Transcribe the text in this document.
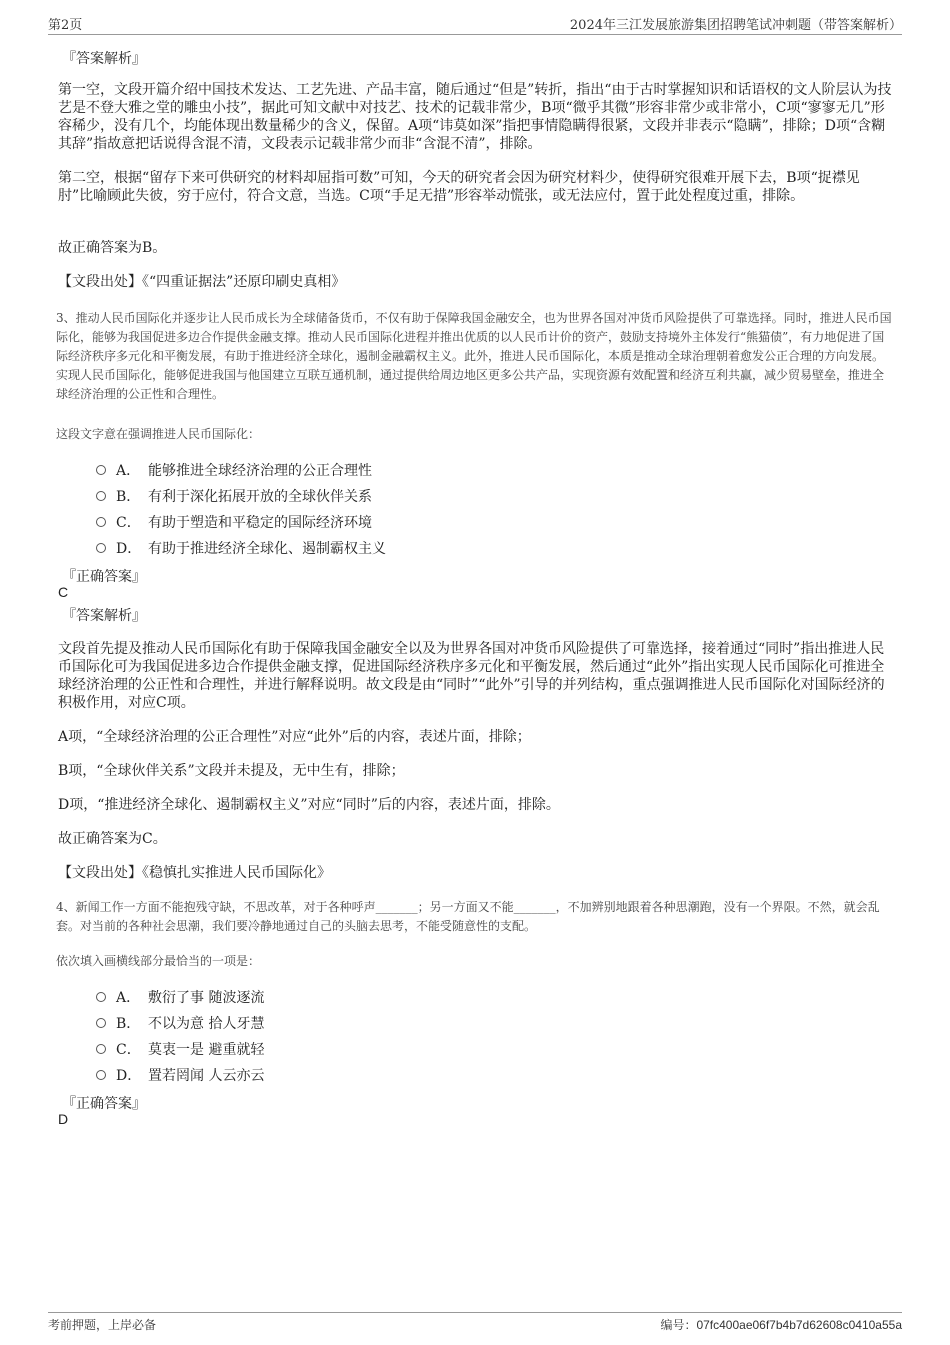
第2页	2024年三江发展旅游集团招聘笔试冲刺题（带答案解析）
『答案解析』
第一空，文段开篇介绍中国技术发达、工艺先进、产品丰富，随后通过“但是”转折，指出“由于古时掌握知识和话语权的文人阶层认为技艺是不登大雅之堂的雕虫小技”，据此可知文献中对技艺、技术的记载非常少，B项“微乎其微”形容非常少或非常小，C项“寥寥无几”形容稀少，没有几个，均能体现出数量稀少的含义，保留。A项“讳莫如深”指把事情隐瞒得很紧，文段并非表示“隐瞒”，排除；D项“含糊其辞”指故意把话说得含混不清，文段表示记载非常少而非“含混不清”，排除。
第二空，根据“留存下来可供研究的材料却屈指可数”可知，今天的研究者会因为研究材料少，使得研究很难开展下去，B项“捉襟见肘”比喻顾此失彼，穷于应付，符合文意，当选。C项“手足无措”形容举动慌张，或无法应付，置于此处程度过重，排除。
故正确答案为B。
【文段出处】《“四重证据法”还原印刷史真相》
3、推动人民币国际化并逐步让人民币成长为全球储备货币，不仅有助于保障我国金融安全，也为世界各国对冲货币风险提供了可靠选择。同时，推进人民币国际化，能够为我国促进多边合作提供金融支撑。推动人民币国际化进程并推出优质的以人民币计价的资产，鼓励支持境外主体发行“熊猫债”，有力地促进了国际经济秩序多元化和平衡发展，有助于推进经济全球化，遏制金融霸权主义。此外，推进人民币国际化，本质是推动全球治理朝着愈发公正合理的方向发展。实现人民币国际化，能够促进我国与他国建立互联互通机制，通过提供给周边地区更多公共产品，实现资源有效配置和经济互利共赢，减少贸易壁垒，推进全球经济治理的公正性和合理性。
这段文字意在强调推进人民币国际化：
A． 能够推进全球经济治理的公正合理性
B． 有利于深化拓展开放的全球伙伴关系
C． 有助于塑造和平稳定的国际经济环境
D． 有助于推进经济全球化、遏制霸权主义
『正确答案』
C
『答案解析』
文段首先提及推动人民币国际化有助于保障我国金融安全以及为世界各国对冲货币风险提供了可靠选择，接着通过“同时”指出推进人民币国际化可为我国促进多边合作提供金融支撑，促进国际经济秩序多元化和平衡发展，然后通过“此外”指出实现人民币国际化可推进全球经济治理的公正性和合理性，并进行解释说明。故文段是由“同时”“此外”引导的并列结构，重点强调推进人民币国际化对国际经济的积极作用，对应C项。
A项，“全球经济治理的公正合理性”对应“此外”后的内容，表述片面，排除；
B项，“全球伙伴关系”文段并未提及，无中生有，排除；
D项，“推进经济全球化、遏制霸权主义”对应“同时”后的内容，表述片面，排除。
故正确答案为C。
【文段出处】《稳慎扎实推进人民币国际化》
4、新闻工作一方面不能抱残守缺，不思改革，对于各种呼声_______；另一方面又不能_______，不加辨别地跟着各种思潮跑，没有一个界限。不然，就会乱套。对当前的各种社会思潮，我们要冷静地通过自己的头脑去思考，不能受随意性的支配。
依次填入画横线部分最恰当的一项是：
A． 敷衍了事 随波逐流
B． 不以为意 拾人牙慧
C． 莫衷一是 避重就轻
D． 置若罔闻 人云亦云
『正确答案』
D
考前押题，上岸必备	编号：07fc400ae06f7b4b7d62608c0410a55a
